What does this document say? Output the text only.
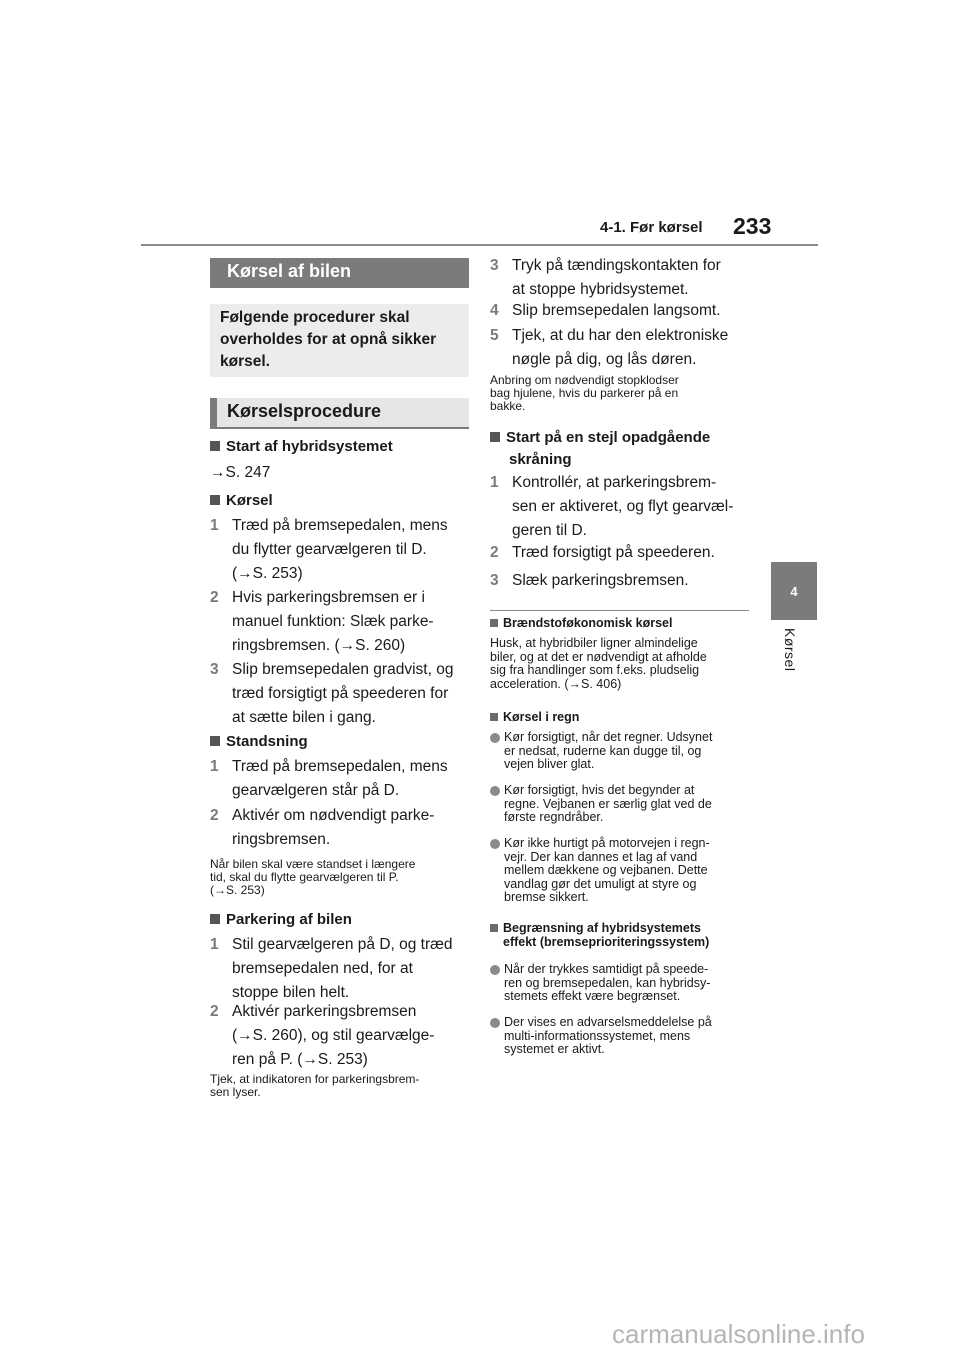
4-1. Før kørsel 233
4
Kørsel
Kørsel af bilen

Følgende procedurer skal overholdes for at opnå sikker kørsel.

Kørselsprocedure
Start af hybridsystemet
→S. 247
Kørsel
1 Træd på bremsepedalen, mens
du flytter gearvælgeren til D.
(→S. 253)
2 Hvis parkeringsbremsen er i
manuel funktion: Slæk parke-
ringsbremsen. (→S. 260)
3 Slip bremsepedalen gradvist, og
træd forsigtigt på speederen for
at sætte bilen i gang.
Standsning
1 Træd på bremsepedalen, mens
gearvælgeren står på D.
2 Aktivér om nødvendigt parke-
ringsbremsen.
Når bilen skal være standset i længere
tid, skal du flytte gearvælgeren til P.
(→S. 253)
Parkering af bilen
1 Stil gearvælgeren på D, og træd
bremsepedalen ned, for at
stoppe bilen helt.
2 Aktivér parkeringsbremsen
(→S. 260), og stil gearvælge-
ren på P. (→S. 253)
Tjek, at indikatoren for parkeringsbrem-
sen lyser.
3 Tryk på tændingskontakten for
at stoppe hybridsystemet.
4 Slip bremsepedalen langsomt.
5 Tjek, at du har den elektroniske
nøgle på dig, og lås døren.
Anbring om nødvendigt stopklodser
bag hjulene, hvis du parkerer på en
bakke.
Start på en stejl opadgående
skråning
1 Kontrollér, at parkeringsbrem-
sen er aktiveret, og flyt gearvæl-
geren til D.
2 Træd forsigtigt på speederen.
3 Slæk parkeringsbremsen.
Brændstoføkonomisk kørsel
Husk, at hybridbiler ligner almindelige
biler, og at det er nødvendigt at afholde
sig fra handlinger som f.eks. pludselig
acceleration. (→S. 406)
Kørsel i regn
Kør forsigtigt, når det regner. Udsynet
er nedsat, ruderne kan dugge til, og
vejen bliver glat.
Kør forsigtigt, hvis det begynder at
regne. Vejbanen er særlig glat ved de
første regndråber.
Kør ikke hurtigt på motorvejen i regn-
vejr. Der kan dannes et lag af vand
mellem dækkene og vejbanen. Dette
vandlag gør det umuligt at styre og
bremse sikkert.
Begrænsning af hybridsystemets
effekt (bremseprioriteringssystem)
Når der trykkes samtidigt på speede-
ren og bremsepedalen, kan hybridsy-
stemets effekt være begrænset.
Der vises en advarselsmeddelelse på
multi-informationssystemet, mens
systemet er aktivt.
carmanualsonline.info
